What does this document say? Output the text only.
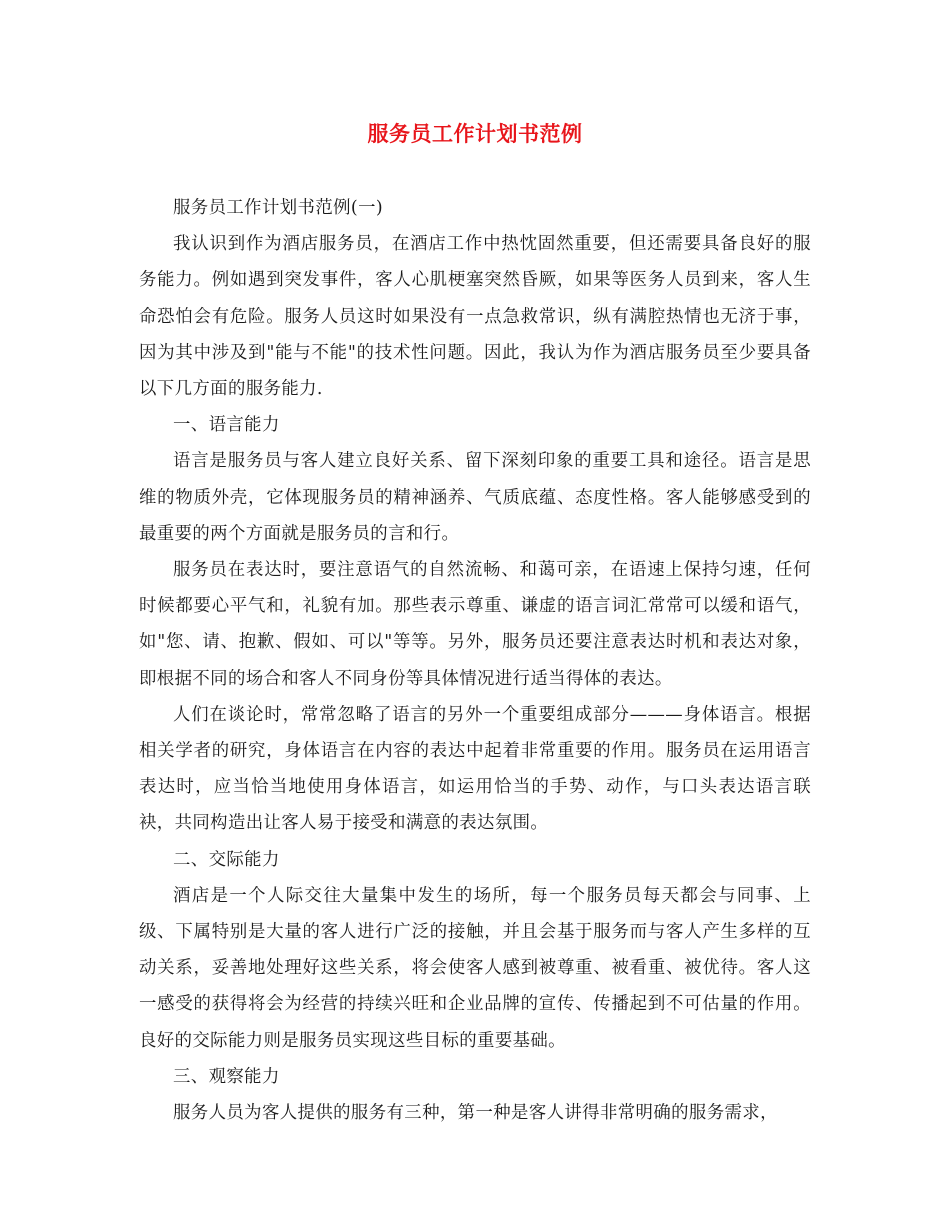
服务员工作计划书范例

服务员工作计划书范例(一)

我认识到作为酒店服务员，在酒店工作中热忱固然重要，但还需要具备良好的服务能力。例如遇到突发事件，客人心肌梗塞突然昏厥，如果等医务人员到来，客人生命恐怕会有危险。服务人员这时如果没有一点急救常识，纵有满腔热情也无济于事，因为其中涉及到"能与不能"的技术性问题。因此，我认为作为酒店服务员至少要具备以下几方面的服务能力.

一、语言能力

语言是服务员与客人建立良好关系、留下深刻印象的重要工具和途径。语言是思维的物质外壳，它体现服务员的精神涵养、气质底蕴、态度性格。客人能够感受到的最重要的两个方面就是服务员的言和行。

服务员在表达时，要注意语气的自然流畅、和蔼可亲，在语速上保持匀速，任何时候都要心平气和，礼貌有加。那些表示尊重、谦虚的语言词汇常常可以缓和语气，如"您、请、抱歉、假如、可以"等等。另外，服务员还要注意表达时机和表达对象，即根据不同的场合和客人不同身份等具体情况进行适当得体的表达。

人们在谈论时，常常忽略了语言的另外一个重要组成部分———身体语言。根据相关学者的研究，身体语言在内容的表达中起着非常重要的作用。服务员在运用语言表达时，应当恰当地使用身体语言，如运用恰当的手势、动作，与口头表达语言联袂，共同构造出让客人易于接受和满意的表达氛围。

二、交际能力

酒店是一个人际交往大量集中发生的场所，每一个服务员每天都会与同事、上级、下属特别是大量的客人进行广泛的接触，并且会基于服务而与客人产生多样的互动关系，妥善地处理好这些关系，将会使客人感到被尊重、被看重、被优待。客人这一感受的获得将会为经营的持续兴旺和企业品牌的宣传、传播起到不可估量的作用。良好的交际能力则是服务员实现这些目标的重要基础。

三、观察能力

服务人员为客人提供的服务有三种，第一种是客人讲得非常明确的服务需求，
